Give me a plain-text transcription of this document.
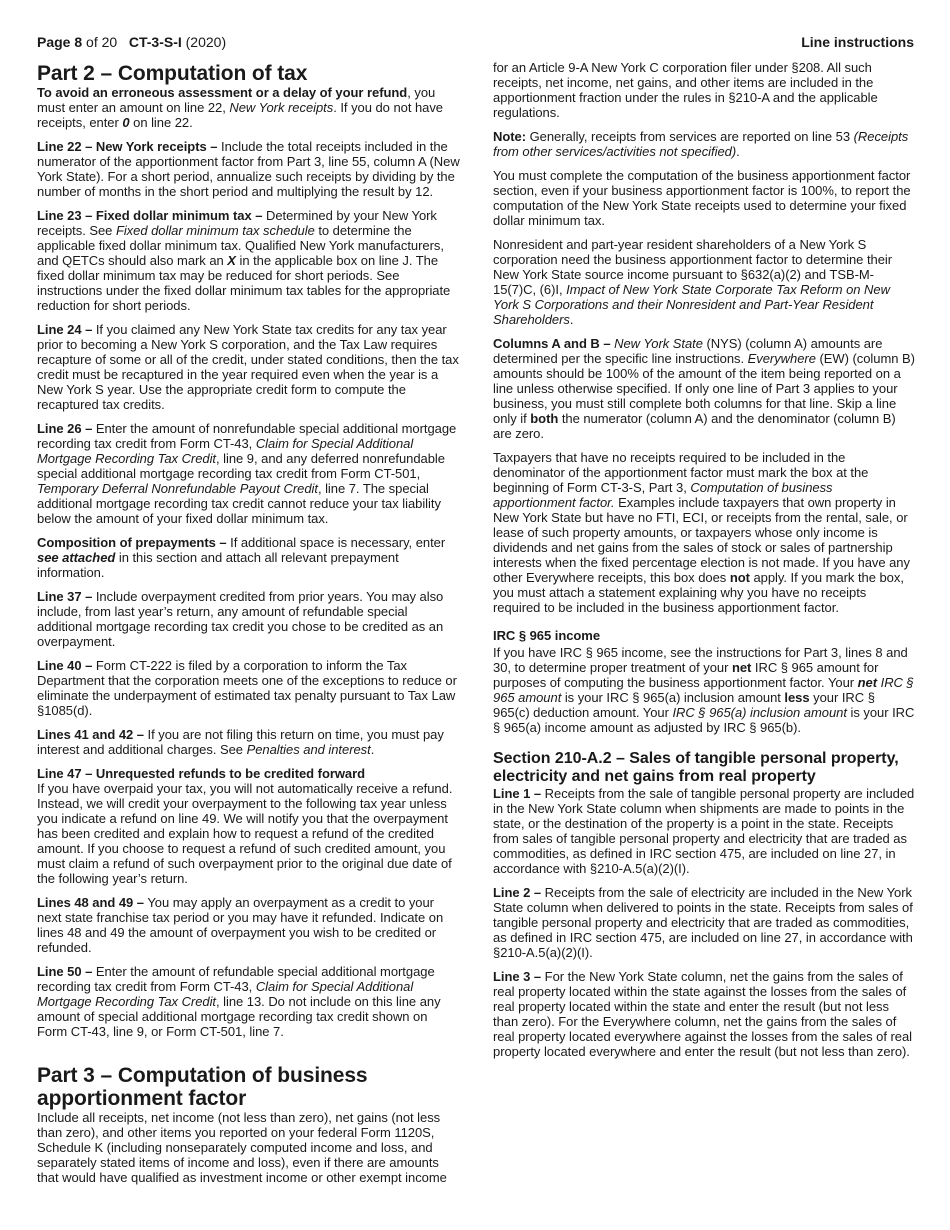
Page 8 of 20 CT-3-S-I (2020)	Line instructions
Part 2 – Computation of tax

To avoid an erroneous assessment or a delay of your refund, you must enter an amount on line 22, New York receipts. If you do not have receipts, enter 0 on line 22.

Line 22 – New York receipts – Include the total receipts included in the numerator of the apportionment factor from Part 3, line 55, column A (New York State). For a short period, annualize such receipts by dividing by the number of months in the short period and multiplying the result by 12.

Line 23 – Fixed dollar minimum tax – Determined by your New York receipts. See Fixed dollar minimum tax schedule to determine the applicable fixed dollar minimum tax. Qualified New York manufacturers, and QETCs should also mark an X in the applicable box on line J. The fixed dollar minimum tax may be reduced for short periods. See instructions under the fixed dollar minimum tax tables for the appropriate reduction for short periods.

Line 24 – If you claimed any New York State tax credits for any tax year prior to becoming a New York S corporation, and the Tax Law requires recapture of some or all of the credit, under stated conditions, then the tax credit must be recaptured in the year required even when the year is a New York S year. Use the appropriate credit form to compute the recaptured tax credits.

Line 26 – Enter the amount of nonrefundable special additional mortgage recording tax credit from Form CT-43, Claim for Special Additional Mortgage Recording Tax Credit, line 9, and any deferred nonrefundable special additional mortgage recording tax credit from Form CT-501, Temporary Deferral Nonrefundable Payout Credit, line 7. The special additional mortgage recording tax credit cannot reduce your tax liability below the amount of your fixed dollar minimum tax.

Composition of prepayments – If additional space is necessary, enter see attached in this section and attach all relevant prepayment information.

Line 37 – Include overpayment credited from prior years. You may also include, from last year’s return, any amount of refundable special additional mortgage recording tax credit you chose to be credited as an overpayment.

Line 40 – Form CT-222 is filed by a corporation to inform the Tax Department that the corporation meets one of the exceptions to reduce or eliminate the underpayment of estimated tax penalty pursuant to Tax Law §1085(d).

Lines 41 and 42 – If you are not filing this return on time, you must pay interest and additional charges. See Penalties and interest.

Line 47 – Unrequested refunds to be credited forward

If you have overpaid your tax, you will not automatically receive a refund. Instead, we will credit your overpayment to the following tax year unless you indicate a refund on line 49. We will notify you that the overpayment has been credited and explain how to request a refund of the credited amount. If you choose to request a refund of such credited amount, you must claim a refund of such overpayment prior to the original due date of the following year’s return.

Lines 48 and 49 – You may apply an overpayment as a credit to your next state franchise tax period or you may have it refunded. Indicate on lines 48 and 49 the amount of overpayment you wish to be credited or refunded.

Line 50 – Enter the amount of refundable special additional mortgage recording tax credit from Form CT-43, Claim for Special Additional Mortgage Recording Tax Credit, line 13. Do not include on this line any amount of special additional mortgage recording tax credit shown on Form CT-43, line 9, or Form CT-501, line 7.

Part 3 – Computation of business apportionment factor

Include all receipts, net income (not less than zero), net gains (not less than zero), and other items you reported on your federal Form 1120S, Schedule K (including nonseparately computed income and loss, and separately stated items of income and loss), even if there are amounts that would have qualified as investment income or other exempt income

for an Article 9-A New York C corporation filer under §208. All such receipts, net income, net gains, and other items are included in the apportionment fraction under the rules in §210-A and the applicable regulations.

Note: Generally, receipts from services are reported on line 53 (Receipts from other services/activities not specified).

You must complete the computation of the business apportionment factor section, even if your business apportionment factor is 100%, to report the computation of the New York State receipts used to determine your fixed dollar minimum tax.

Nonresident and part-year resident shareholders of a New York S corporation need the business apportionment factor to determine their New York State source income pursuant to §632(a)(2) and TSB-M-15(7)C, (6)I, Impact of New York State Corporate Tax Reform on New York S Corporations and their Nonresident and Part-Year Resident Shareholders.

Columns A and B – New York State (NYS) (column A) amounts are determined per the specific line instructions. Everywhere (EW) (column B) amounts should be 100% of the amount of the item being reported on a line unless otherwise specified. If only one line of Part 3 applies to your business, you must still complete both columns for that line. Skip a line only if both the numerator (column A) and the denominator (column B) are zero.

Taxpayers that have no receipts required to be included in the denominator of the apportionment factor must mark the box at the beginning of Form CT-3-S, Part 3, Computation of business apportionment factor. Examples include taxpayers that own property in New York State but have no FTI, ECI, or receipts from the rental, sale, or lease of such property amounts, or taxpayers whose only income is dividends and net gains from the sales of stock or sales of partnership interests when the fixed percentage election is not made. If you have any other Everywhere receipts, this box does not apply. If you mark the box, you must attach a statement explaining why you have no receipts required to be included in the business apportionment factor.

IRC § 965 income

If you have IRC § 965 income, see the instructions for Part 3, lines 8 and 30, to determine proper treatment of your net IRC § 965 amount for purposes of computing the business apportionment factor. Your net IRC § 965 amount is your IRC § 965(a) inclusion amount less your IRC § 965(c) deduction amount. Your IRC § 965(a) inclusion amount is your IRC § 965(a) income amount as adjusted by IRC § 965(b).

Section 210-A.2 – Sales of tangible personal property, electricity and net gains from real property

Line 1 – Receipts from the sale of tangible personal property are included in the New York State column when shipments are made to points in the state, or the destination of the property is a point in the state. Receipts from sales of tangible personal property and electricity that are traded as commodities, as defined in IRC section 475, are included on line 27, in accordance with §210-A.5(a)(2)(I).

Line 2 – Receipts from the sale of electricity are included in the New York State column when delivered to points in the state. Receipts from sales of tangible personal property and electricity that are traded as commodities, as defined in IRC section 475, are included on line 27, in accordance with §210-A.5(a)(2)(I).

Line 3 – For the New York State column, net the gains from the sales of real property located within the state against the losses from the sales of real property located within the state and enter the result (but not less than zero). For the Everywhere column, net the gains from the sales of real property located everywhere against the losses from the sales of real property located everywhere and enter the result (but not less than zero).
